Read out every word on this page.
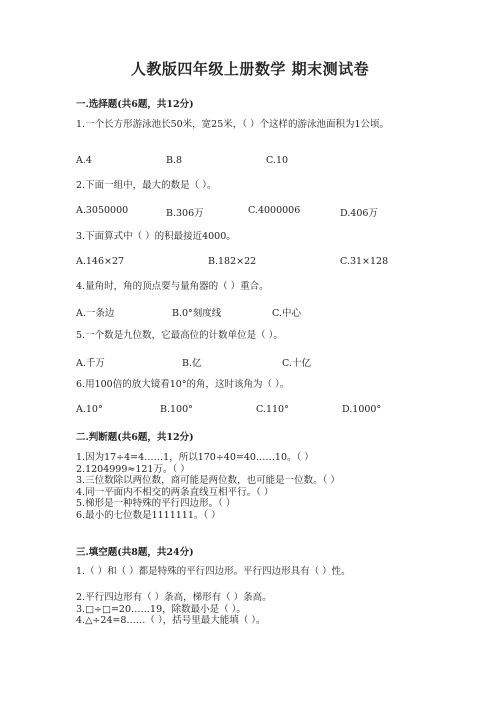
人教版四年级上册数学 期末测试卷
一.选择题(共6题，共12分)
1.一个长方形游泳池长50米，宽25米，（ ）个这样的游泳池面积为1公顷。
A.4	B.8	C.10
2.下面一组中，最大的数是（ ）。
A.3050000	B.306万	C.4000006	D.406万
3.下面算式中（ ）的积最接近4000。
A.146×27	B.182×22	C.31×128
4.量角时，角的顶点要与量角器的（ ）重合。
A.一条边	B.0°刻度线	C.中心
5.一个数是九位数，它最高位的计数单位是（ ）。
A.千万	B.亿	C.十亿
6.用100倍的放大镜看10°的角，这时该角为（ ）。
A.10°	B.100°	C.110°	D.1000°
二.判断题(共6题，共12分)
1.因为17÷4=4……1，所以170÷40=40……10。（ ）
2.1204999≈121万。（ ）
3.三位数除以两位数，商可能是两位数，也可能是一位数。（ ）
4.同一平面内不相交的两条直线互相平行。（ ）
5.梯形是一种特殊的平行四边形。（ ）
6.最小的七位数是1111111。（ ）
三.填空题(共8题，共24分)
1.（ ）和（ ）都是特殊的平行四边形。平行四边形具有（ ）性。
2.平行四边形有（ ）条高，梯形有（ ）条高。
3.□÷□=20……19，除数最小是（ ）。
4.△÷24=8……（ ），括号里最大能填（ ）。
